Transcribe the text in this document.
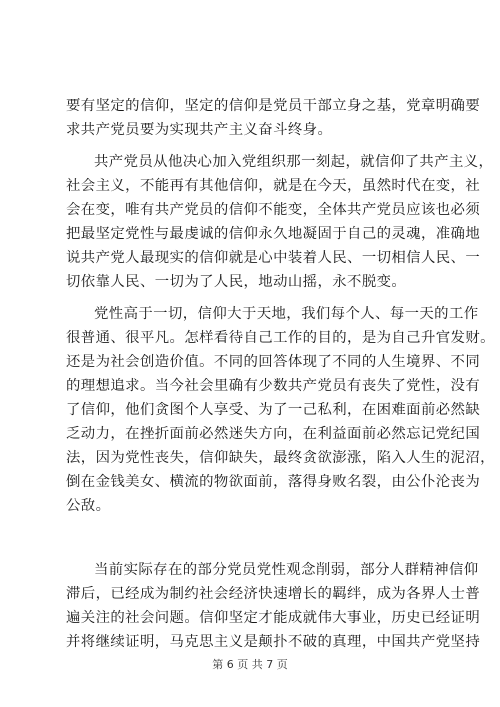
要有坚定的信仰，坚定的信仰是党员干部立身之基，党章明确要
求共产党员要为实现共产主义奋斗终身。
共产党员从他决心加入党组织那一刻起，就信仰了共产主义，
社会主义，不能再有其他信仰，就是在今天，虽然时代在变，社
会在变，唯有共产党员的信仰不能变，全体共产党员应该也必须
把最坚定党性与最虔诚的信仰永久地凝固于自己的灵魂，准确地
说共产党人最现实的信仰就是心中装着人民、一切相信人民、一
切依靠人民、一切为了人民，地动山摇，永不脱变。
党性高于一切，信仰大于天地，我们每个人、每一天的工作
很普通、很平凡。怎样看待自己工作的目的，是为自己升官发财。
还是为社会创造价值。不同的回答体现了不同的人生境界、不同
的理想追求。当今社会里确有少数共产党员有丧失了党性，没有
了信仰，他们贪图个人享受、为了一己私利，在困难面前必然缺
乏动力，在挫折面前必然迷失方向，在利益面前必然忘记党纪国
法，因为党性丧失，信仰缺失，最终贪欲澎涨，陷入人生的泥沼，
倒在金钱美女、横流的物欲面前，落得身败名裂，由公仆沦丧为
公敌。
当前实际存在的部分党员党性观念削弱，部分人群精神信仰
滞后，已经成为制约社会经济快速增长的羁绊，成为各界人士普
遍关注的社会问题。信仰坚定才能成就伟大事业，历史已经证明
并将继续证明，马克思主义是颠扑不破的真理，中国共产党坚持
第 6 页 共 7 页
